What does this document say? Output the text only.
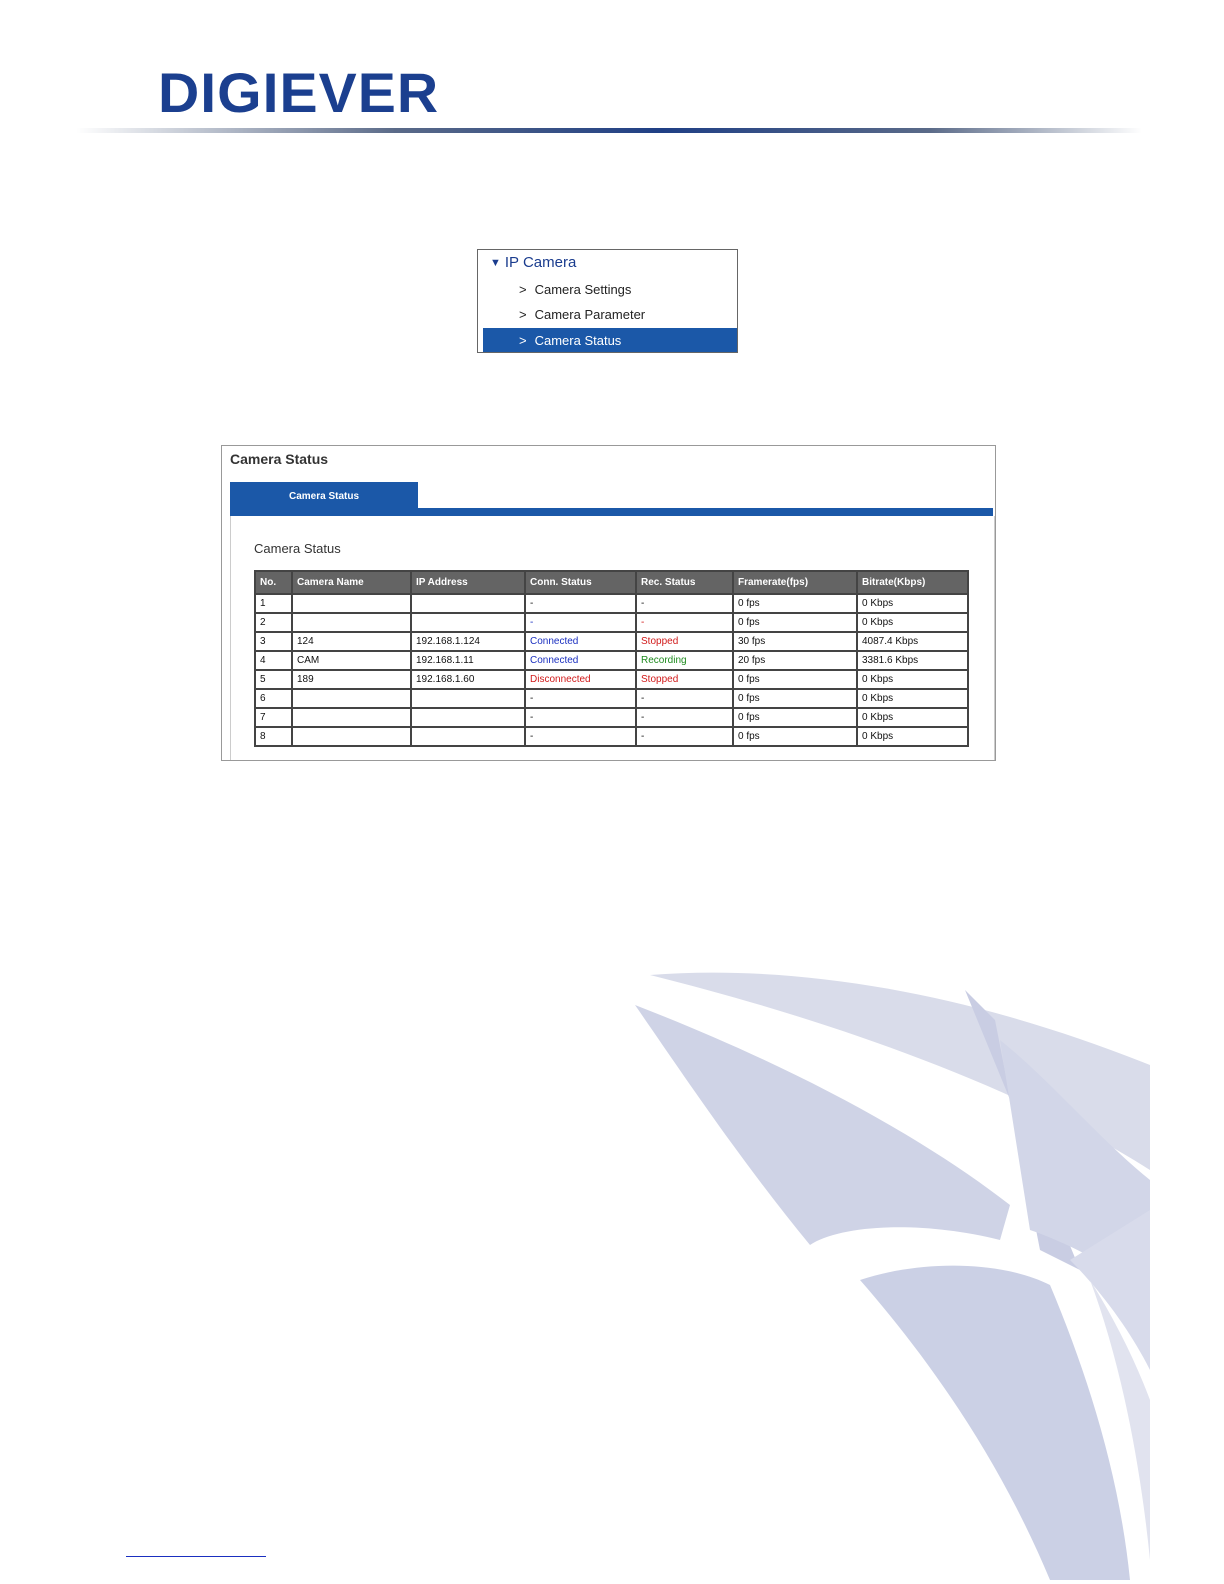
DIGIEVER
▼ IP Camera
> Camera Settings
> Camera Parameter
> Camera Status
Camera Status
Camera Status
Camera Status
No.	Camera Name	IP Address	Conn. Status	Rec. Status	Framerate(fps)	Bitrate(Kbps)
1			-	-	0 fps	0 Kbps
2			-	-	0 fps	0 Kbps
3	124	192.168.1.124	Connected	Stopped	30 fps	4087.4 Kbps
4	CAM	192.168.1.11	Connected	Recording	20 fps	3381.6 Kbps
5	189	192.168.1.60	Disconnected	Stopped	0 fps	0 Kbps
6			-	-	0 fps	0 Kbps
7			-	-	0 fps	0 Kbps
8			-	-	0 fps	0 Kbps
